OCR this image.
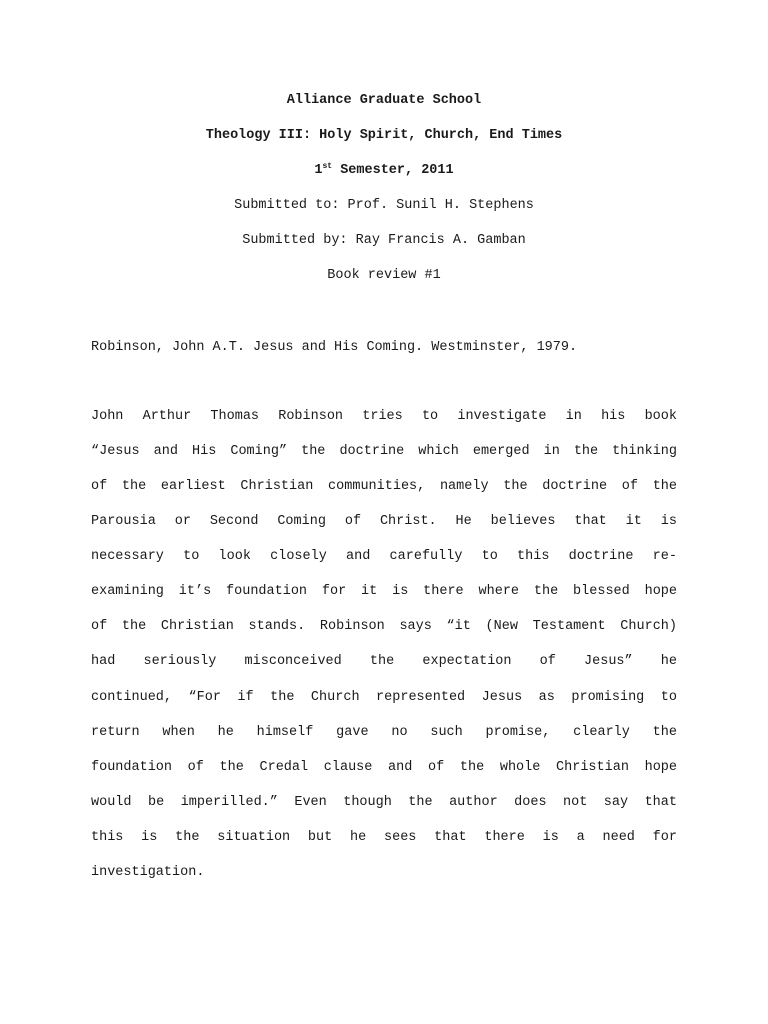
Alliance Graduate School
Theology III: Holy Spirit, Church, End Times
1st Semester, 2011
Submitted to: Prof. Sunil H. Stephens
Submitted by: Ray Francis A. Gamban
Book review #1
Robinson, John A.T. Jesus and His Coming. Westminster, 1979.
John Arthur Thomas Robinson tries to investigate in his book
“Jesus and His Coming” the doctrine which emerged in the thinking
of the earliest Christian communities, namely the doctrine of the
Parousia or Second Coming of Christ. He believes that it is
necessary to look closely and carefully to this doctrine re-
examining it’s foundation for it is there where the blessed hope
of the Christian stands. Robinson says “it (New Testament Church)
had seriously misconceived the expectation of Jesus” he
continued, “For if the Church represented Jesus as promising to
return when he himself gave no such promise, clearly the
foundation of the Credal clause and of the whole Christian hope
would be imperilled.” Even though the author does not say that
this is the situation but he sees that there is a need for
investigation.
